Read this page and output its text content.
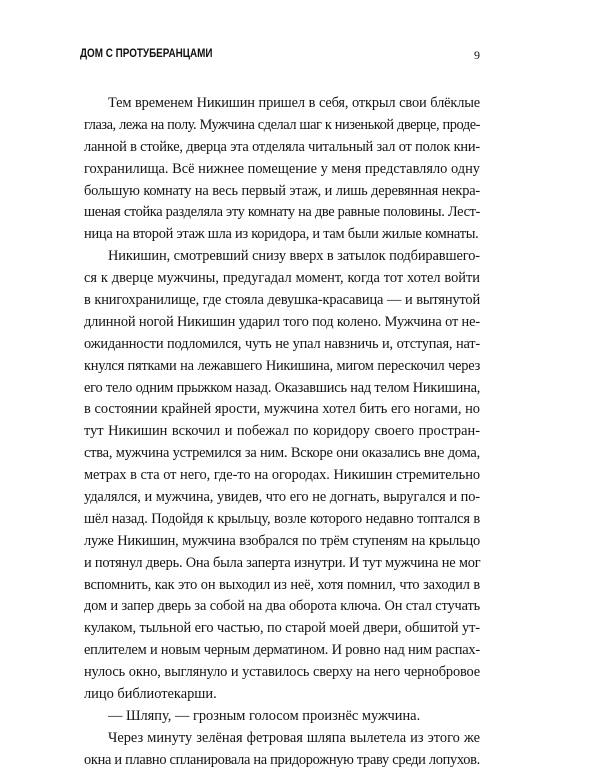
ДОМ С ПРОТУБЕРАНЦАМИ	9
Тем временем Никишин пришел в себя, открыл свои блёклые
глаза, лежа на полу. Мужчина сделал шаг к низенькой дверце, проде-
ланной в стойке, дверца эта отделяла читальный зал от полок кни-
гохранилища. Всё нижнее помещение у меня представляло одну
большую комнату на весь первый этаж, и лишь деревянная некра-
шеная стойка разделяла эту комнату на две равные половины. Лест-
ница на второй этаж шла из коридора, и там были жилые комнаты.
Никишин, смотревший снизу вверх в затылок подбиравшего-
ся к дверце мужчины, предугадал момент, когда тот хотел войти
в книгохранилище, где стояла девушка-красавица — и вытянутой
длинной ногой Никишин ударил того под колено. Мужчина от не-
ожиданности подломился, чуть не упал навзничь и, отступая, нат-
кнулся пятками на лежавшего Никишина, мигом перескочил через
его тело одним прыжком назад. Оказавшись над телом Никишина,
в состоянии крайней ярости, мужчина хотел бить его ногами, но
тут Никишин вскочил и побежал по коридору своего простран-
ства, мужчина устремился за ним. Вскоре они оказались вне дома,
метрах в ста от него, где-то на огородах. Никишин стремительно
удалялся, и мужчина, увидев, что его не догнать, выругался и по-
шёл назад. Подойдя к крыльцу, возле которого недавно топтался в
луже Никишин, мужчина взобрался по трём ступеням на крыльцо
и потянул дверь. Она была заперта изнутри. И тут мужчина не мог
вспомнить, как это он выходил из неё, хотя помнил, что заходил в
дом и запер дверь за собой на два оборота ключа. Он стал стучать
кулаком, тыльной его частью, по старой моей двери, обшитой ут-
еплителем и новым черным дерматином. И ровно над ним распах-
нулось окно, выглянуло и уставилось сверху на него чернобровое
лицо библиотекарши.
— Шляпу, — грозным голосом произнёс мужчина.
Через минуту зелёная фетровая шляпа вылетела из этого же
окна и плавно спланировала на придорожную траву среди лопухов.
